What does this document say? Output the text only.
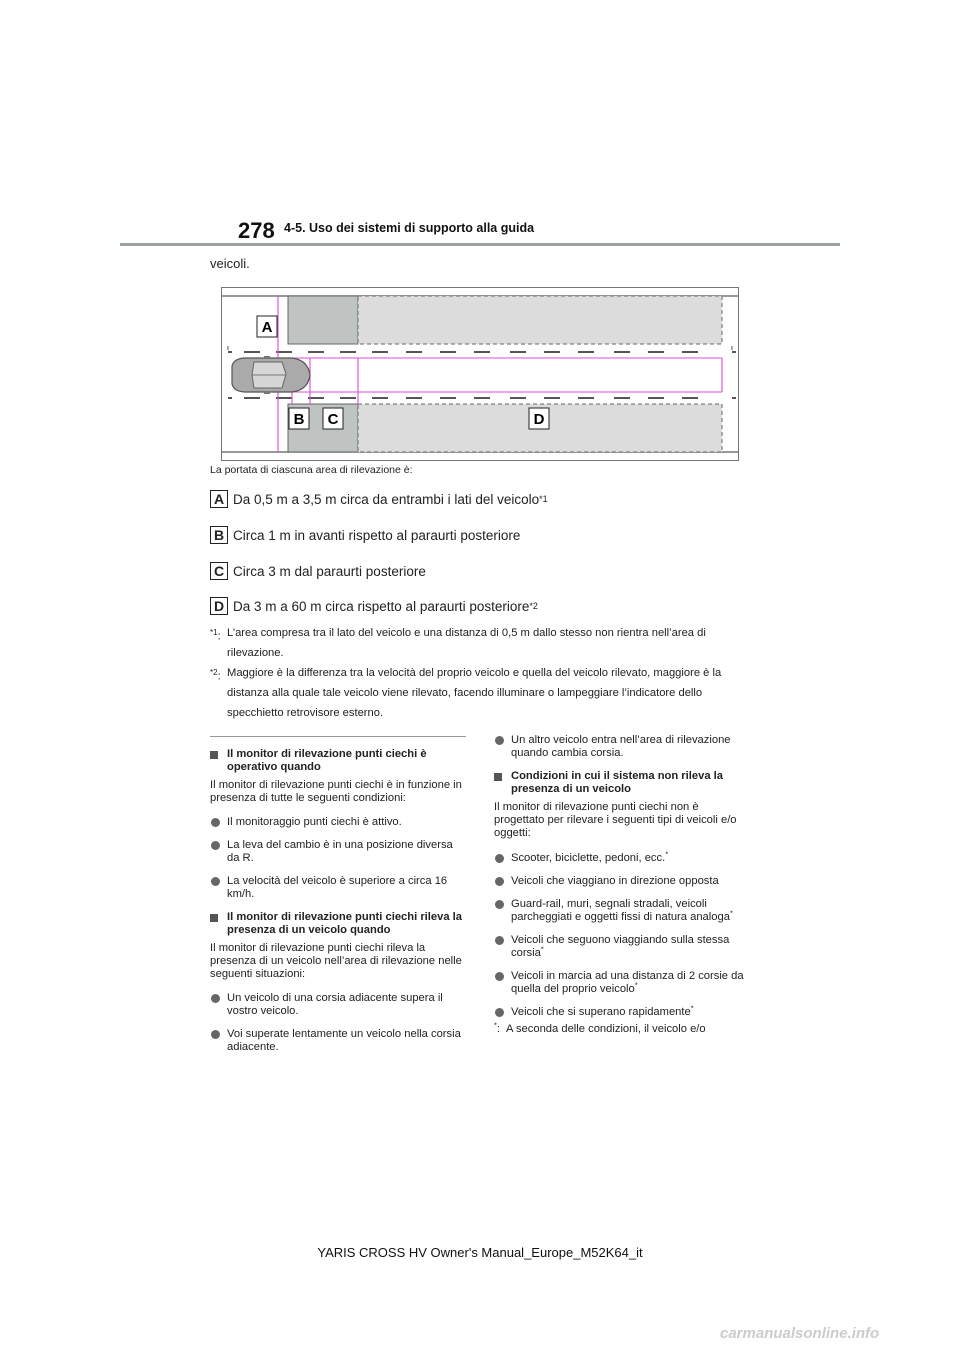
278 4-5. Uso dei sistemi di supporto alla guida
veicoli.
A
B C	D
La portata di ciascuna area di rilevazione è:
A Da 0,5 m a 3,5 m circa da entrambi i lati del veicolo *1
B Circa 1 m in avanti rispetto al paraurti posteriore
C Circa 3 m dal paraurti posteriore
D Da 3 m a 60 m circa rispetto al paraurti posteriore *2
$^{*1}$: L’area compresa tra il lato del veicolo e una distanza di 0,5 m dallo stesso non rientra nell’area di rilevazione.
$^{*2}$: Maggiore è la differenza tra la velocità del proprio veicolo e quella del veicolo rilevato, maggiore è la distanza alla quale tale veicolo viene rilevato, facendo illuminare o lampeggiare l’indicatore dello specchietto retrovisore esterno.

Il monitor di rilevazione punti ciechi è operativo quando

Il monitor di rilevazione punti ciechi è in funzione in presenza di tutte le seguenti condizioni:

Il monitoraggio punti ciechi è attivo.

La leva del cambio è in una posizione diversa da R.

La velocità del veicolo è superiore a circa 16 km/h.

Il monitor di rilevazione punti ciechi rileva la presenza di un veicolo quando

Il monitor di rilevazione punti ciechi rileva la presenza di un veicolo nell’area di rilevazione nelle seguenti situazioni:

Un veicolo di una corsia adiacente supera il vostro veicolo.

Voi superate lentamente un veicolo nella corsia adiacente.

Un altro veicolo entra nell’area di rilevazione quando cambia corsia.

Condizioni in cui il sistema non rileva la presenza di un veicolo

Il monitor di rilevazione punti ciechi non è progettato per rilevare i seguenti tipi di veicoli e/o oggetti:

Scooter, biciclette, pedoni, ecc.*

Veicoli che viaggiano in direzione opposta

Guard-rail, muri, segnali stradali, veicoli parcheggiati e oggetti fissi di natura analoga*

Veicoli che seguono viaggiando sulla stessa corsia*

Veicoli in marcia ad una distanza di 2 corsie da quella del proprio veicolo*

Veicoli che si superano rapidamente*

*: A seconda delle condizioni, il veicolo e/o

YARIS CROSS HV Owner's Manual_Europe_M52K64_it
carmanualsonline.info
